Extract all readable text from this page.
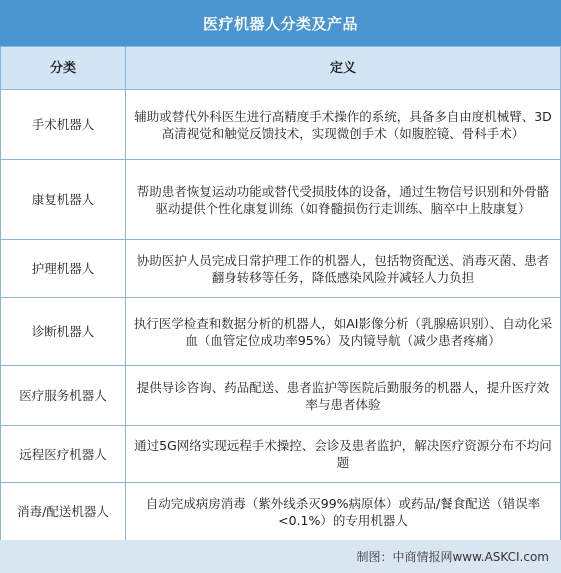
医疗机器人分类及产品
分类	定义
手术机器人	辅助或替代外科医生进行高精度手术操作的系统，具备多自由度机械臂、3D高清视觉和触觉反馈技术，实现微创手术（如腹腔镜、骨科手术）
康复机器人	帮助患者恢复运动功能或替代受损肢体的设备，通过生物信号识别和外骨骼驱动提供个性化康复训练（如脊髓损伤行走训练、脑卒中上肢康复）
护理机器人	协助医护人员完成日常护理工作的机器人，包括物资配送、消毒灭菌、患者翻身转移等任务，降低感染风险并减轻人力负担
诊断机器人	执行医学检查和数据分析的机器人，如AI影像分析（乳腺癌识别）、自动化采血（血管定位成功率95%）及内镜导航（减少患者疼痛）
医疗服务机器人	提供导诊咨询、药品配送、患者监护等医院后勤服务的机器人，提升医疗效率与患者体验
远程医疗机器人	通过5G网络实现远程手术操控、会诊及患者监护，解决医疗资源分布不均问题
消毒/配送机器人	自动完成病房消毒（紫外线杀灭99%病原体）或药品/餐食配送（错误率<0.1%）的专用机器人
制图：中商情报网www.ASKCI.com
